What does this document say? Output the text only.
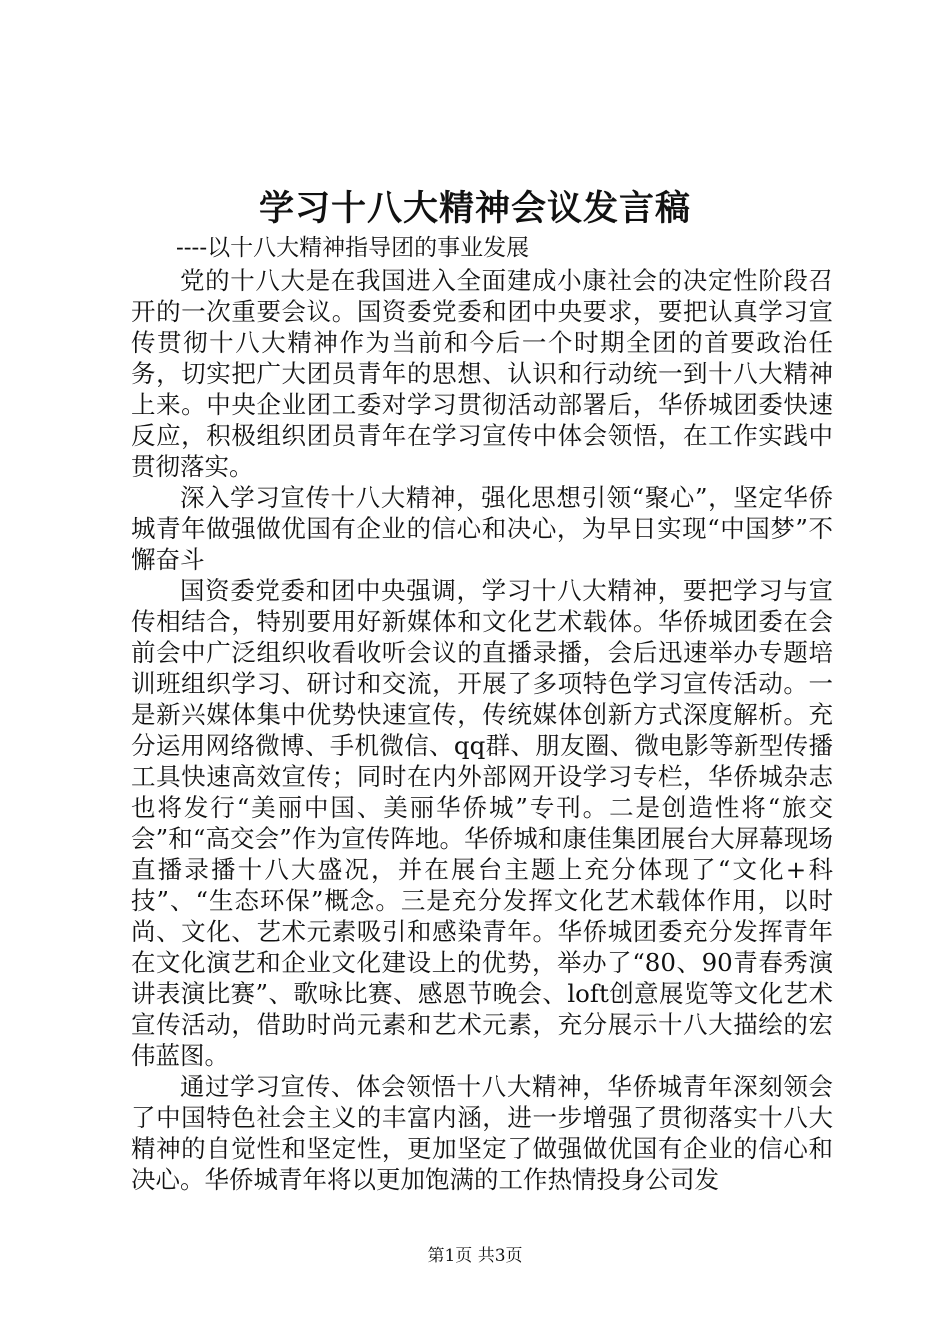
学习十八大精神会议发言稿
----以十八大精神指导团的事业发展

党的十八大是在我国进入全面建成小康社会的决定性阶段召开的一次重要会议。国资委党委和团中央要求，要把认真学习宣传贯彻十八大精神作为当前和今后一个时期全团的首要政治任务，切实把广大团员青年的思想、认识和行动统一到十八大精神上来。中央企业团工委对学习贯彻活动部署后，华侨城团委快速反应，积极组织团员青年在学习宣传中体会领悟，在工作实践中贯彻落实。

深入学习宣传十八大精神，强化思想引领“聚心”，坚定华侨城青年做强做优国有企业的信心和决心，为早日实现“中国梦”不懈奋斗

国资委党委和团中央强调，学习十八大精神，要把学习与宣传相结合，特别要用好新媒体和文化艺术载体。华侨城团委在会前会中广泛组织收看收听会议的直播录播，会后迅速举办专题培训班组织学习、研讨和交流，开展了多项特色学习宣传活动。一是新兴媒体集中优势快速宣传，传统媒体创新方式深度解析。充分运用网络微博、手机微信、qq群、朋友圈、微电影等新型传播工具快速高效宣传；同时在内外部网开设学习专栏，华侨城杂志也将发行“美丽中国、美丽华侨城”专刊。二是创造性将“旅交会”和“高交会”作为宣传阵地。华侨城和康佳集团展台大屏幕现场直播录播十八大盛况，并在展台主题上充分体现了“文化+科技”、“生态环保”概念。三是充分发挥文化艺术载体作用，以时尚、文化、艺术元素吸引和感染青年。华侨城团委充分发挥青年在文化演艺和企业文化建设上的优势，举办了“80、90青春秀演讲表演比赛”、歌咏比赛、感恩节晚会、loft创意展览等文化艺术宣传活动，借助时尚元素和艺术元素，充分展示十八大描绘的宏伟蓝图。

通过学习宣传、体会领悟十八大精神，华侨城青年深刻领会了中国特色社会主义的丰富内涵，进一步增强了贯彻落实十八大精神的自觉性和坚定性，更加坚定了做强做优国有企业的信心和决心。华侨城青年将以更加饱满的工作热情投身公司发

第1页 共3页
